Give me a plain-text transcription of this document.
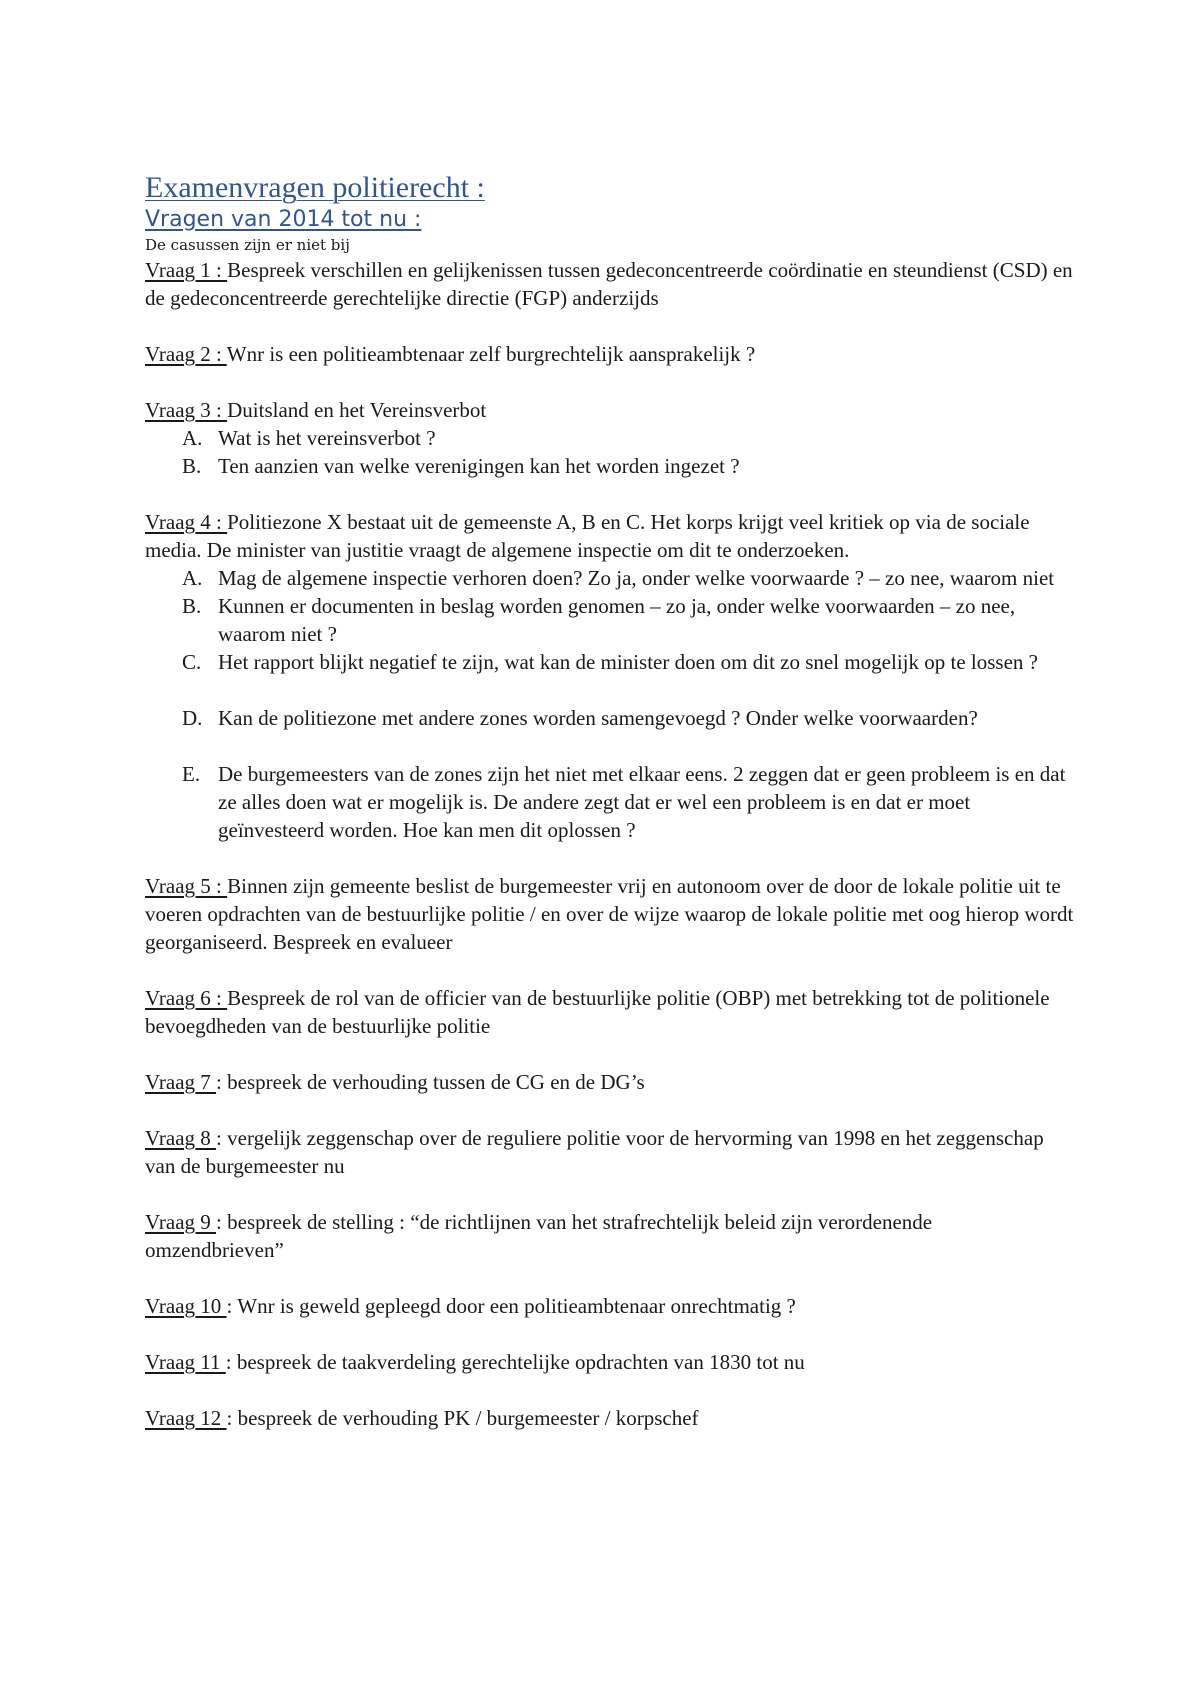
Examenvragen politierecht :

Vragen van 2014 tot nu :

De casussen zijn er niet bij

Vraag 1 : Bespreek verschillen en gelijkenissen tussen gedeconcentreerde coördinatie en steundienst (CSD) en de gedeconcentreerde gerechtelijke directie (FGP) anderzijds

Vraag 2 : Wnr is een politieambtenaar zelf burgrechtelijk aansprakelijk ?

Vraag 3 : Duitsland en het Vereinsverbot

A. Wat is het vereinsverbot ?
B. Ten aanzien van welke verenigingen kan het worden ingezet ?

Vraag 4 : Politiezone X bestaat uit de gemeenste A, B en C. Het korps krijgt veel kritiek op via de sociale media. De minister van justitie vraagt de algemene inspectie om dit te onderzoeken.

A. Mag de algemene inspectie verhoren doen? Zo ja, onder welke voorwaarde ? – zo nee, waarom niet
B. Kunnen er documenten in beslag worden genomen – zo ja, onder welke voorwaarden – zo nee, waarom niet ?
C. Het rapport blijkt negatief te zijn, wat kan de minister doen om dit zo snel mogelijk op te lossen ?
D. Kan de politiezone met andere zones worden samengevoegd ? Onder welke voorwaarden?
E. De burgemeesters van de zones zijn het niet met elkaar eens. 2 zeggen dat er geen probleem is en dat ze alles doen wat er mogelijk is. De andere zegt dat er wel een probleem is en dat er moet geïnvesteerd worden. Hoe kan men dit oplossen ?

Vraag 5 : Binnen zijn gemeente beslist de burgemeester vrij en autonoom over de door de lokale politie uit te voeren opdrachten van de bestuurlijke politie / en over de wijze waarop de lokale politie met oog hierop wordt georganiseerd. Bespreek en evalueer

Vraag 6 : Bespreek de rol van de officier van de bestuurlijke politie (OBP) met betrekking tot de politionele bevoegdheden van de bestuurlijke politie

Vraag 7 : bespreek de verhouding tussen de CG en de DG’s

Vraag 8 : vergelijk zeggenschap over de reguliere politie voor de hervorming van 1998 en het zeggenschap van de burgemeester nu

Vraag 9 : bespreek de stelling : “de richtlijnen van het strafrechtelijk beleid zijn verordenende omzendbrieven”

Vraag 10 : Wnr is geweld gepleegd door een politieambtenaar onrechtmatig ?

Vraag 11 : bespreek de taakverdeling gerechtelijke opdrachten van 1830 tot nu

Vraag 12 : bespreek de verhouding PK / burgemeester / korpschef
